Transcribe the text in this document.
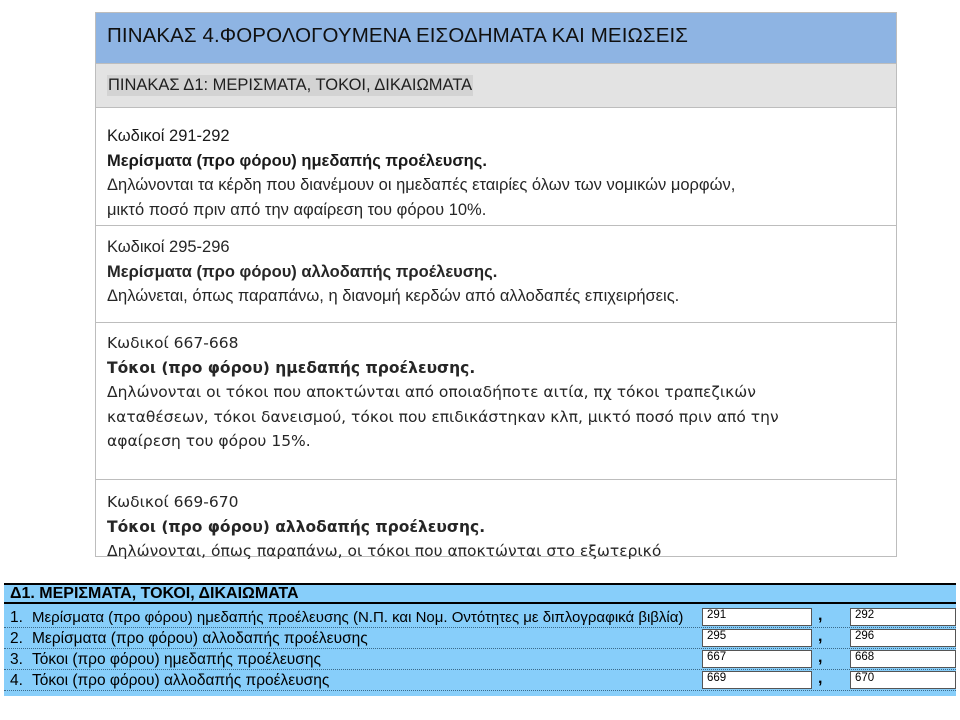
ΠΙΝΑΚΑΣ 4.ΦΟΡΟΛΟΓΟΥΜΕΝΑ ΕΙΣΟΔΗΜΑΤΑ ΚΑΙ ΜΕΙΩΣΕΙΣ
ΠΙΝΑΚΑΣ Δ1: ΜΕΡΙΣΜΑΤΑ, ΤΟΚΟΙ, ΔΙΚΑΙΩΜΑΤΑ
Κωδικοί 291-292
Μερίσματα (προ φόρου) ημεδαπής προέλευσης.
Δηλώνονται τα κέρδη που διανέμουν οι ημεδαπές εταιρίες όλων των νομικών μορφών,
μικτό ποσό πριν από την αφαίρεση του φόρου 10%.
Κωδικοί 295-296
Μερίσματα (προ φόρου) αλλοδαπής προέλευσης.
Δηλώνεται, όπως παραπάνω, η διανομή κερδών από αλλοδαπές επιχειρήσεις.
Κωδικοί 667-668
Τόκοι (προ φόρου) ημεδαπής προέλευσης.
Δηλώνονται οι τόκοι που αποκτώνται από οποιαδήποτε αιτία, πχ τόκοι τραπεζικών
καταθέσεων, τόκοι δανεισμού, τόκοι που επιδικάστηκαν κλπ, μικτό ποσό πριν από την
αφαίρεση του φόρου 15%.
Κωδικοί 669-670
Τόκοι (προ φόρου) αλλοδαπής προέλευσης.
Δηλώνονται, όπως παραπάνω, οι τόκοι που αποκτώνται στο εξωτερικό
Δ1. ΜΕΡΙΣΜΑΤΑ, ΤΟΚΟΙ, ΔΙΚΑΙΩΜΑΤΑ
1. Μερίσματα (προ φόρου) ημεδαπής προέλευσης (Ν.Π. και Νομ. Οντότητες με διπλογραφικά βιβλία) 291	,	292
2. Μερίσματα (προ φόρου) αλλοδαπής προέλευσης	295	,	296
3. Τόκοι (προ φόρου) ημεδαπής προέλευσης	667	,	668
4. Τόκοι (προ φόρου) αλλοδαπής προέλευσης	669	,	670
